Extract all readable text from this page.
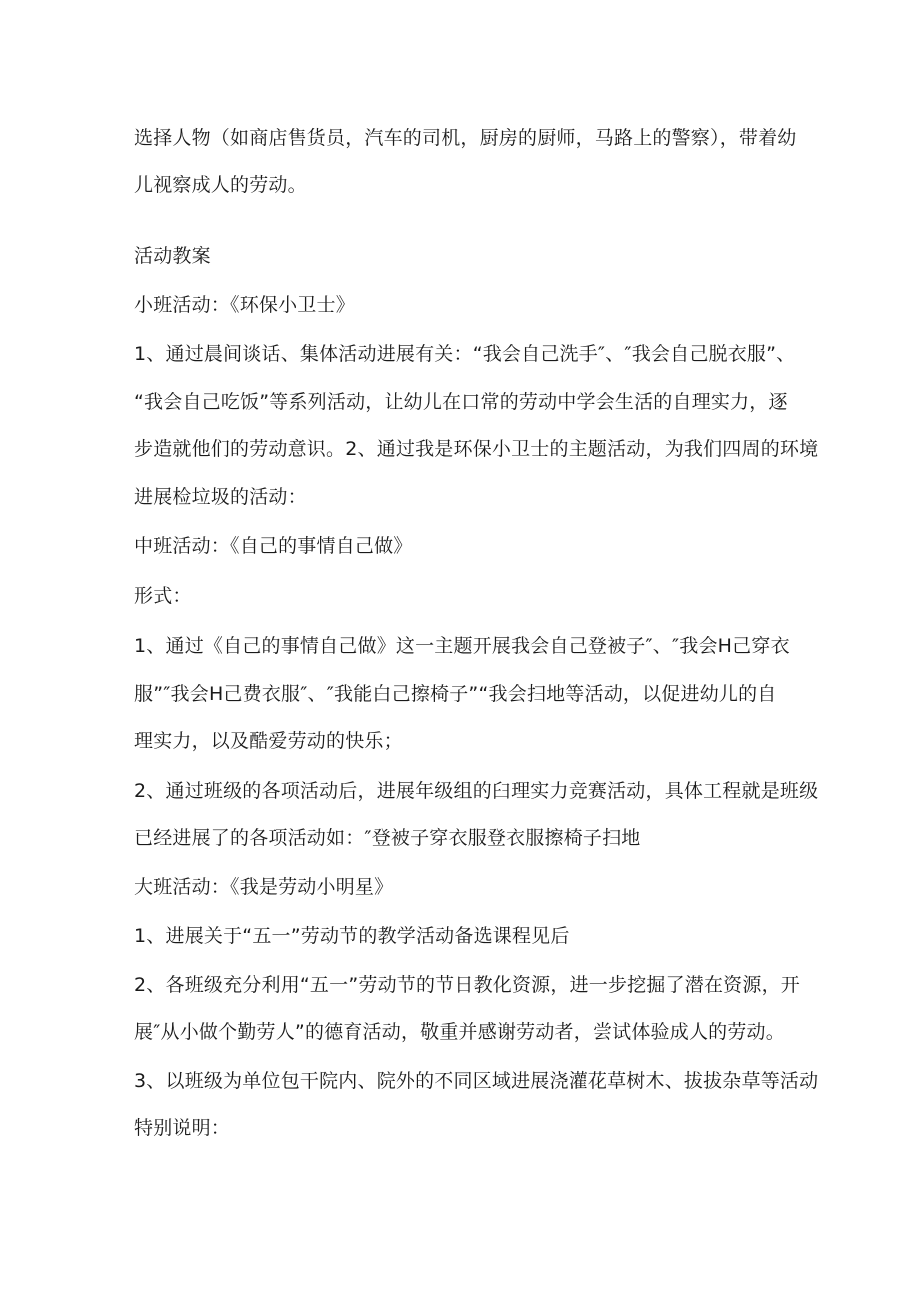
选择人物（如商店售货员，汽车的司机，厨房的厨师，马路上的警察），带着幼
儿视察成人的劳动。
活动教案
小班活动：《环保小卫士》
1、通过晨间谈话、集体活动进展有关：“我会自己洗手″、″我会自己脱衣服”、
“我会自己吃饭”等系列活动，让幼儿在口常的劳动中学会生活的自理实力，逐
步造就他们的劳动意识。2、通过我是环保小卫士的主题活动，为我们四周的环境
进展检垃圾的活动：
中班活动：《自己的事情自己做》
形式：
1、通过《自己的事情自己做》这一主题开展我会自己登被子″、″我会H己穿衣
服”″我会H己费衣服″、″我能白己擦椅子”“我会扫地等活动，以促进幼儿的自
理实力，以及酷爱劳动的快乐；
2、通过班级的各项活动后，进展年级组的臼理实力竞赛活动，具体工程就是班级
已经进展了的各项活动如：″登被子穿衣服登衣服擦椅子扫地
大班活动：《我是劳动小明星》
1、进展关于“五一”劳动节的教学活动备选课程见后
2、各班级充分利用“五一”劳动节的节日教化资源，进一步挖掘了潜在资源，开
展″从小做个勤劳人”的德育活动，敬重并感谢劳动者，尝试体验成人的劳动。
3、以班级为单位包干院内、院外的不同区域进展浇灌花草树木、拔拔杂草等活动
特别说明：
